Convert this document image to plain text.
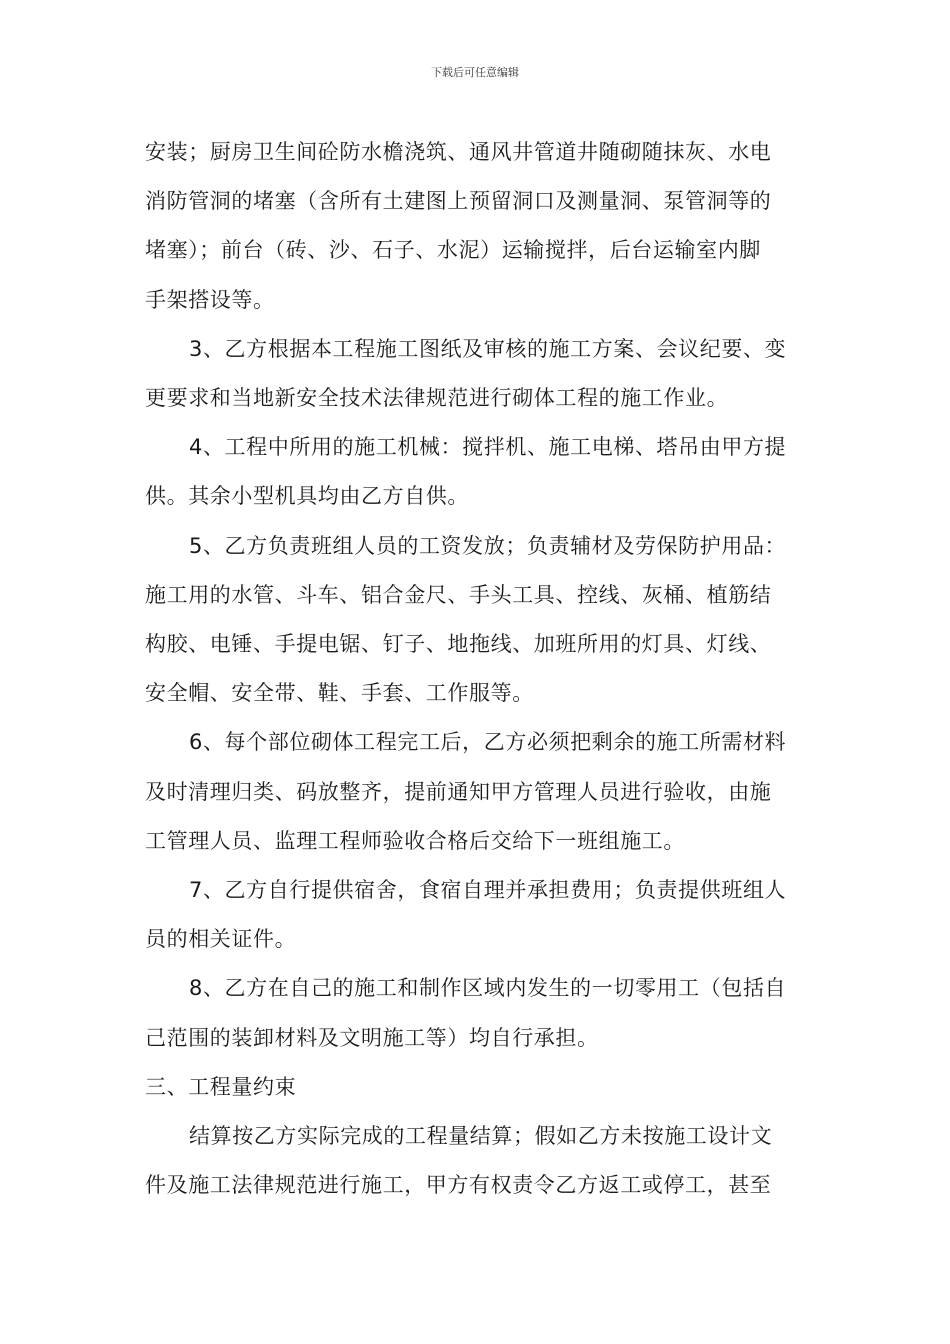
下载后可任意编辑
安装；厨房卫生间砼防水檐浇筑、通风井管道井随砌随抹灰、水电
消防管洞的堵塞（含所有土建图上预留洞口及测量洞、泵管洞等的
堵塞）；前台（砖、沙、石子、水泥）运输搅拌，后台运输室内脚
手架搭设等。
3、乙方根据本工程施工图纸及审核的施工方案、会议纪要、变
更要求和当地新安全技术法律规范进行砌体工程的施工作业。
4、工程中所用的施工机械：搅拌机、施工电梯、塔吊由甲方提
供。其余小型机具均由乙方自供。
5、乙方负责班组人员的工资发放；负责辅材及劳保防护用品：
施工用的水管、斗车、铝合金尺、手头工具、控线、灰桶、植筋结
构胶、电锤、手提电锯、钉子、地拖线、加班所用的灯具、灯线、
安全帽、安全带、鞋、手套、工作服等。
6、每个部位砌体工程完工后，乙方必须把剩余的施工所需材料
及时清理归类、码放整齐，提前通知甲方管理人员进行验收，由施
工管理人员、监理工程师验收合格后交给下一班组施工。
7、乙方自行提供宿舍，食宿自理并承担费用；负责提供班组人
员的相关证件。
8、乙方在自己的施工和制作区域内发生的一切零用工（包括自
己范围的装卸材料及文明施工等）均自行承担。
三、工程量约束
结算按乙方实际完成的工程量结算；假如乙方未按施工设计文
件及施工法律规范进行施工，甲方有权责令乙方返工或停工，甚至
